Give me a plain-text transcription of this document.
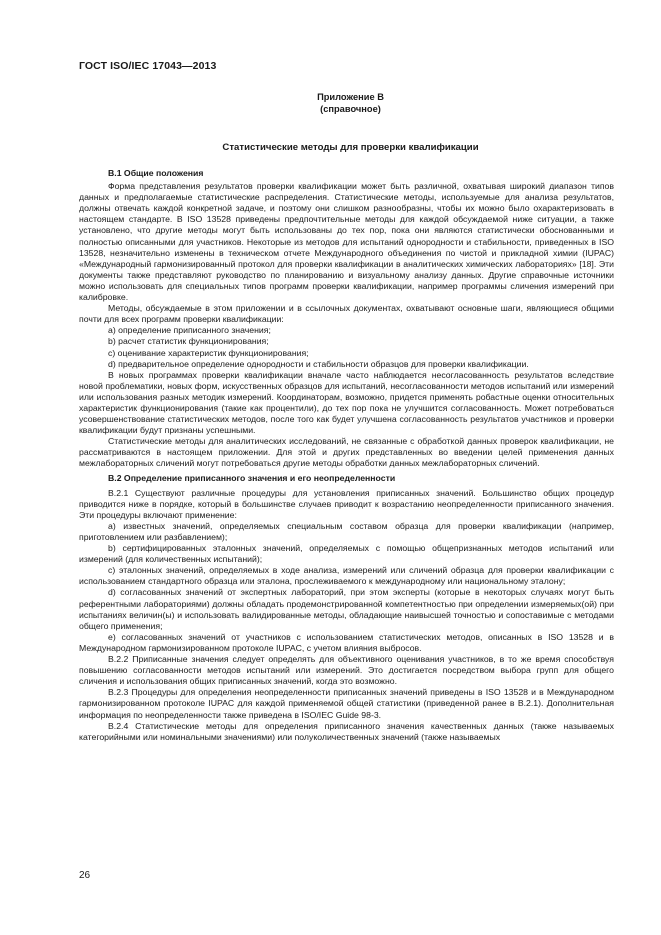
ГОСТ ISO/IEC 17043—2013
Приложение В
(справочное)
Статистические методы для проверки квалификации
В.1 Общие положения

Форма представления результатов проверки квалификации может быть различной, охватывая широкий диапазон типов данных и предполагаемые статистические распределения. Статистические методы, используемые для анализа результатов, должны отвечать каждой конкретной задаче, и поэтому они слишком разнообразны, чтобы их можно было охарактеризовать в настоящем стандарте. В ISO 13528 приведены предпочтительные методы для каждой обсуждаемой ниже ситуации, а также установлено, что другие методы могут быть использованы до тех пор, пока они являются статистически обоснованными и полностью описанными для участников. Некоторые из методов для испытаний однородности и стабильности, приведенных в ISO 13528, незначительно изменены в техническом отчете Международного объединения по чистой и прикладной химии (IUPAC) «Международный гармонизированный протокол для проверки квалификации в аналитических химических лабораториях» [18]. Эти документы также представляют руководство по планированию и визуальному анализу данных. Другие справочные источники можно использовать для специальных типов программ проверки квалификации, например программы сличения измерений при калибровке.

Методы, обсуждаемые в этом приложении и в ссылочных документах, охватывают основные шаги, являющиеся общими почти для всех программ проверки квалификации:

а) определение приписанного значения;

b) расчет статистик функционирования;

c) оценивание характеристик функционирования;

d) предварительное определение однородности и стабильности образцов для проверки квалификации.

В новых программах проверки квалификации вначале часто наблюдается несогласованность результатов вследствие новой проблематики, новых форм, искусственных образцов для испытаний, несогласованности методов испытаний или измерений или использования разных методик измерений. Координаторам, возможно, придется применять робастные оценки относительных характеристик функционирования (такие как процентили), до тех пор пока не улучшится согласованность. Может потребоваться усовершенствование статистических методов, после того как будет улучшена согласованность результатов участников и проверки квалификации будут признаны успешными.

Статистические методы для аналитических исследований, не связанные с обработкой данных проверок квалификации, не рассматриваются в настоящем приложении. Для этой и других представленных во введении целей применения данных межлабораторных сличений могут потребоваться другие методы обработки данных межлабораторных сличений.

В.2 Определение приписанного значения и его неопределенности

В.2.1 Существуют различные процедуры для установления приписанных значений. Большинство общих процедур приводится ниже в порядке, который в большинстве случаев приводит к возрастанию неопределенности приписанного значения. Эти процедуры включают применение:

а) известных значений, определяемых специальным составом образца для проверки квалификации (например, приготовлением или разбавлением);

b) сертифицированных эталонных значений, определяемых с помощью общепризнанных методов испытаний или измерений (для количественных испытаний);

c) эталонных значений, определяемых в ходе анализа, измерений или сличений образца для проверки квалификации с использованием стандартного образца или эталона, прослеживаемого к международному или национальному эталону;

d) согласованных значений от экспертных лабораторий, при этом эксперты (которые в некоторых случаях могут быть референтными лабораториями) должны обладать продемонстрированной компетентностью при определении измеряемых(ой) при испытаниях величин(ы) и использовать валидированные методы, обладающие наивысшей точностью и сопоставимые с методами общего применения;

e) согласованных значений от участников с использованием статистических методов, описанных в ISO 13528 и в Международном гармонизированном протоколе IUPAC, с учетом влияния выбросов.

В.2.2 Приписанные значения следует определять для объективного оценивания участников, в то же время способствуя повышению согласованности методов испытаний или измерений. Это достигается посредством выбора групп для общего сличения и использования общих приписанных значений, когда это возможно.

В.2.3 Процедуры для определения неопределенности приписанных значений приведены в ISO 13528 и в Международном гармонизированном протоколе IUPAC для каждой применяемой общей статистики (приведенной ранее в В.2.1). Дополнительная информация по неопределенности также приведена в ISO/IEC Guide 98-3.

В.2.4 Статистические методы для определения приписанного значения качественных данных (также называемых категорийными или номинальными значениями) или полуколичественных значений (также называемых

26
